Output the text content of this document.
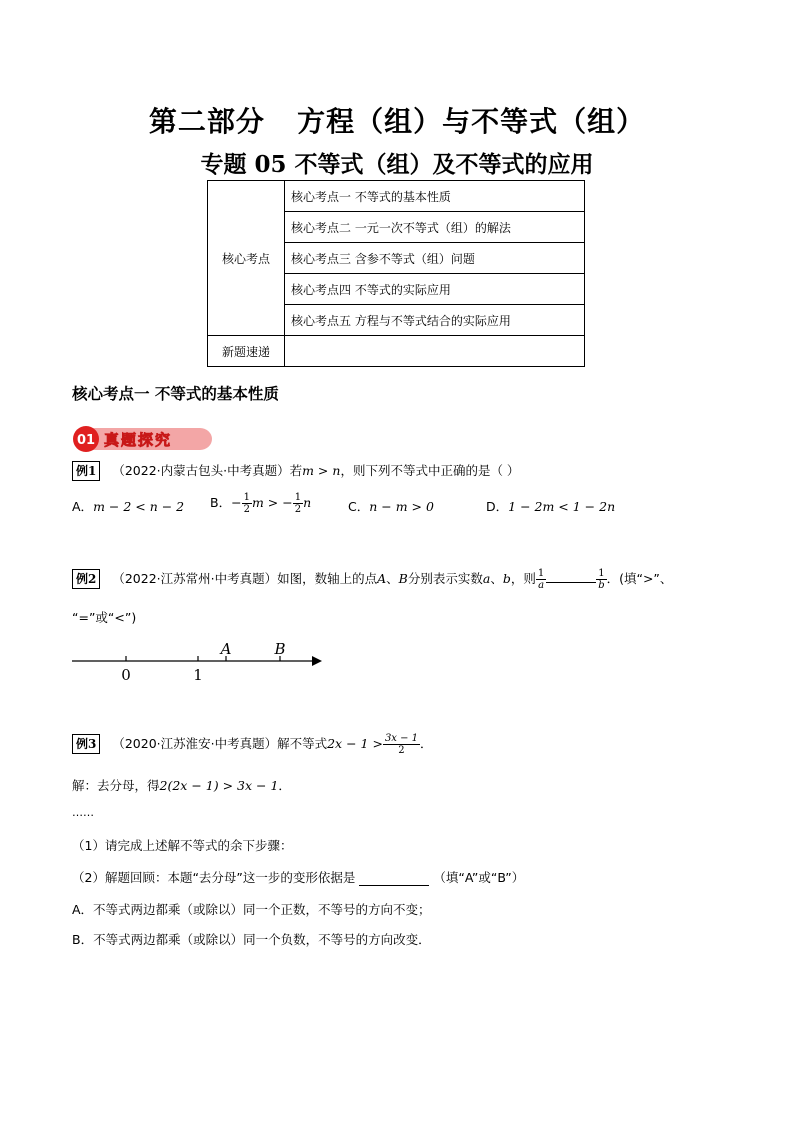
第二部分   方程（组）与不等式（组）
专题 05 不等式（组）及不等式的应用
核心考点	核心考点一 不等式的基本性质
	核心考点二 一元一次不等式（组）的解法
	核心考点三 含参不等式（组）问题
	核心考点四 不等式的实际应用
	核心考点五 方程与不等式结合的实际应用
新题速递	
核心考点一 不等式的基本性质
01 真题探究
例1 （2022·内蒙古包头·中考真题）若m > n，则下列不等式中正确的是（ ）
A．m − 2 < n − 2 B．− $\frac{1}{2}$ m > − $\frac{1}{2}$ n	C．n − m > 0	D．1 − 2m < 1 − 2n
例2 （2022·江苏常州·中考真题）如图，数轴上的点A、B分别表示实数a、b，则 $\frac{1}{a}$	$\frac{1}{b}$ ．(填“>”、
“=”或“<”)
0	1
A	B
例3 （2020·江苏淮安·中考真题）解不等式$2x - 1 > \frac{3x - 1}{2}$ ．
解：去分母，得2(2x − 1) > 3x − 1．
……
（1）请完成上述解不等式的余下步骤：
（2）解题回顾：本题“去分母”这一步的变形依据是	（填“A”或“B”）
A．不等式两边都乘（或除以）同一个正数，不等号的方向不变；
B．不等式两边都乘（或除以）同一个负数，不等号的方向改变．
